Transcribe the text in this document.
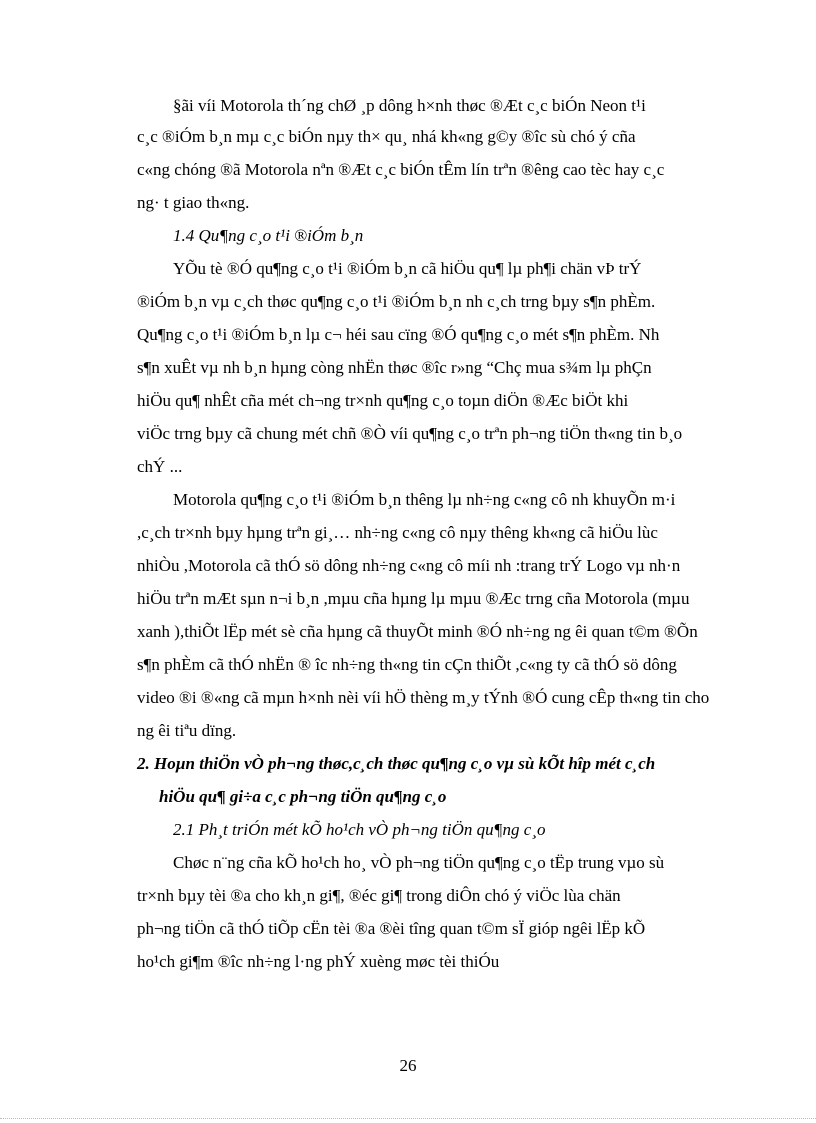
§ãi víi Motorola th´ng chØ ¸p dông h×nh thøc ®Æt c¸c biÓn Neon t¹i
c¸c ®iÓm b¸n mµ c¸c biÓn nµy th× qu¸ nhá kh«ng g©y ®îc sù chó ý cña
c«ng chóng ®ã Motorola nªn ®Æt c¸c biÓn tÊm lín trªn ®êng cao tèc hay c¸c
ng· t giao th«ng.
1.4 Qu¶ng c¸o t¹i ®iÓm b¸n
YÕu tè ®Ó qu¶ng c¸o t¹i ®iÓm b¸n cã hiÖu qu¶ lµ ph¶i chän vÞ trÝ
®iÓm b¸n vµ c¸ch thøc qu¶ng c¸o t¹i ®iÓm b¸n nh c¸ch trng bµy s¶n phÈm.
Qu¶ng c¸o t¹i ®iÓm b¸n lµ c¬ héi sau cïng ®Ó qu¶ng c¸o mét s¶n phÈm. Nh
s¶n xuÊt vµ nh b¸n hµng còng nhËn thøc ®îc r»ng “Chç mua s¾m lµ phÇn
hiÖu qu¶ nhÊt cña mét ch¬ng tr×nh qu¶ng c¸o toµn diÖn ®Æc biÖt khi
viÖc trng bµy cã chung mét chñ ®Ò víi qu¶ng c¸o trªn ph¬ng tiÖn th«ng tin b¸o
chÝ ...
Motorola qu¶ng c¸o t¹i ®iÓm b¸n thêng lµ nh÷ng c«ng cô nh khuyÕn m·i
,c¸ch tr×nh bµy hµng trªn gi¸… nh÷ng c«ng cô nµy thêng kh«ng cã hiÖu lùc
nhiÒu ,Motorola cã thÓ sö dông nh÷ng c«ng cô míi nh :trang trÝ Logo vµ nh·n
hiÖu trªn mÆt sµn n¬i b¸n ,mµu cña hµng lµ mµu ®Æc trng cña Motorola (mµu
xanh ),thiÕt lËp mét sè cña hµng cã thuyÕt minh ®Ó nh÷ng ng êi quan t©m ®Õn
s¶n phÈm cã thÓ nhËn ® îc nh÷ng th«ng tin cÇn thiÕt ,c«ng ty cã thÓ sö dông
video ®i ®«ng cã mµn h×nh nèi víi hÖ thèng m¸y tÝnh ®Ó cung cÊp th«ng tin cho
ng êi tiªu dïng.
2. Hoµn thiÖn vÒ ph¬ng thøc,c¸ch thøc qu¶ng c¸o vµ sù kÕt hîp mét c¸ch
hiÖu qu¶ gi÷a c¸c ph¬ng tiÖn qu¶ng c¸o
2.1 Ph¸t triÓn mét kÕ ho¹ch vÒ ph¬ng tiÖn qu¶ng c¸o
Chøc n¨ng cña kÕ ho¹ch ho¸ vÒ ph¬ng tiÖn qu¶ng c¸o tËp trung vµo sù
tr×nh bµy tèi ®a cho kh¸n gi¶, ®éc gi¶ trong diÔn chó ý viÖc lùa chän
ph¬ng tiÖn cã thÓ tiÕp cËn tèi ®a ®èi tîng quan t©m sÏ gióp ngêi lËp kÕ
ho¹ch gi¶m ®îc nh÷ng l·ng phÝ xuèng møc tèi thiÓu
26
